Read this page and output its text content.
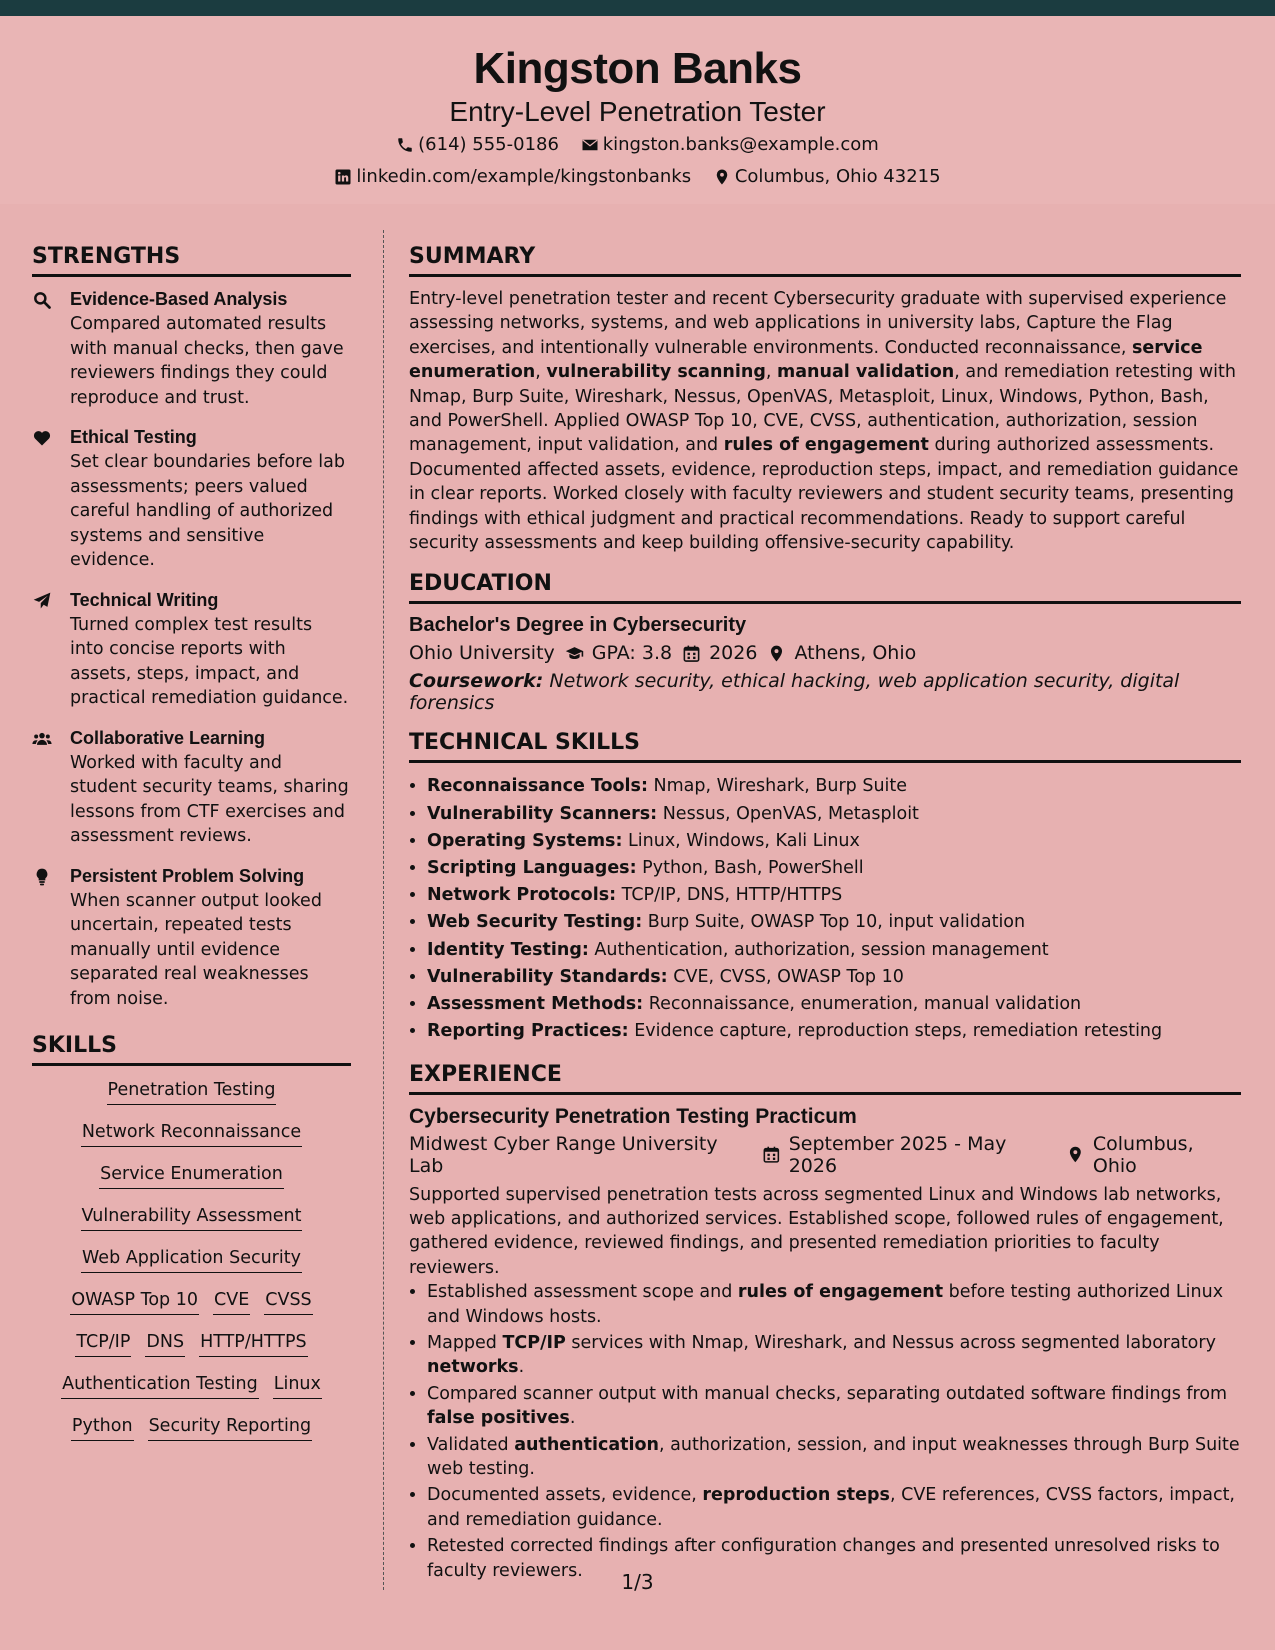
Kingston Banks
Entry-Level Penetration Tester
(614) 555-0186
kingston.banks@example.com
linkedin.com/example/kingstonbanks
Columbus, Ohio 43215
STRENGTHS
Evidence-Based Analysis
Compared automated results with manual checks, then gave reviewers findings they could reproduce and trust.
Ethical Testing
Set clear boundaries before lab assessments; peers valued careful handling of authorized systems and sensitive evidence.
Technical Writing
Turned complex test results into concise reports with assets, steps, impact, and practical remediation guidance.
Collaborative Learning
Worked with faculty and student security teams, sharing lessons from CTF exercises and assessment reviews.
Persistent Problem Solving
When scanner output looked uncertain, repeated tests manually until evidence separated real weaknesses from noise.
SKILLS
Penetration Testing
Network Reconnaissance
Service Enumeration
Vulnerability Assessment
Web Application Security
OWASP Top 10 CVE CVSS
TCP/IP DNS HTTP/HTTPS
Authentication Testing Linux
Python Security Reporting
SUMMARY
Entry-level penetration tester and recent Cybersecurity graduate with supervised experience assessing networks, systems, and web applications in university labs, Capture the Flag exercises, and intentionally vulnerable environments. Conducted reconnaissance, service enumeration, vulnerability scanning, manual validation, and remediation retesting with Nmap, Burp Suite, Wireshark, Nessus, OpenVAS, Metasploit, Linux, Windows, Python, Bash, and PowerShell. Applied OWASP Top 10, CVE, CVSS, authentication, authorization, session management, input validation, and rules of engagement during authorized assessments. Documented affected assets, evidence, reproduction steps, impact, and remediation guidance in clear reports. Worked closely with faculty reviewers and student security teams, presenting findings with ethical judgment and practical recommendations. Ready to support careful security assessments and keep building offensive-security capability.
EDUCATION
Bachelor's Degree in Cybersecurity
Ohio University GPA: 3.8 2026 Athens, Ohio
Coursework: Network security, ethical hacking, web application security, digital forensics
TECHNICAL SKILLS
• Reconnaissance Tools: Nmap, Wireshark, Burp Suite
• Vulnerability Scanners: Nessus, OpenVAS, Metasploit
• Operating Systems: Linux, Windows, Kali Linux
• Scripting Languages: Python, Bash, PowerShell
• Network Protocols: TCP/IP, DNS, HTTP/HTTPS
• Web Security Testing: Burp Suite, OWASP Top 10, input validation
• Identity Testing: Authentication, authorization, session management
• Vulnerability Standards: CVE, CVSS, OWASP Top 10
• Assessment Methods: Reconnaissance, enumeration, manual validation
• Reporting Practices: Evidence capture, reproduction steps, remediation retesting
EXPERIENCE
Cybersecurity Penetration Testing Practicum
Midwest Cyber Range University Lab
September 2025 - May 2026
Columbus, Ohio
Supported supervised penetration tests across segmented Linux and Windows lab networks, web applications, and authorized services. Established scope, followed rules of engagement, gathered evidence, reviewed findings, and presented remediation priorities to faculty reviewers.
• Established assessment scope and rules of engagement before testing authorized Linux and Windows hosts.
• Mapped TCP/IP services with Nmap, Wireshark, and Nessus across segmented laboratory networks.
• Compared scanner output with manual checks, separating outdated software findings from false positives.
• Validated authentication, authorization, session, and input weaknesses through Burp Suite web testing.
• Documented assets, evidence, reproduction steps, CVE references, CVSS factors, impact, and remediation guidance.
• Retested corrected findings after configuration changes and presented unresolved risks to faculty reviewers.	1/3
